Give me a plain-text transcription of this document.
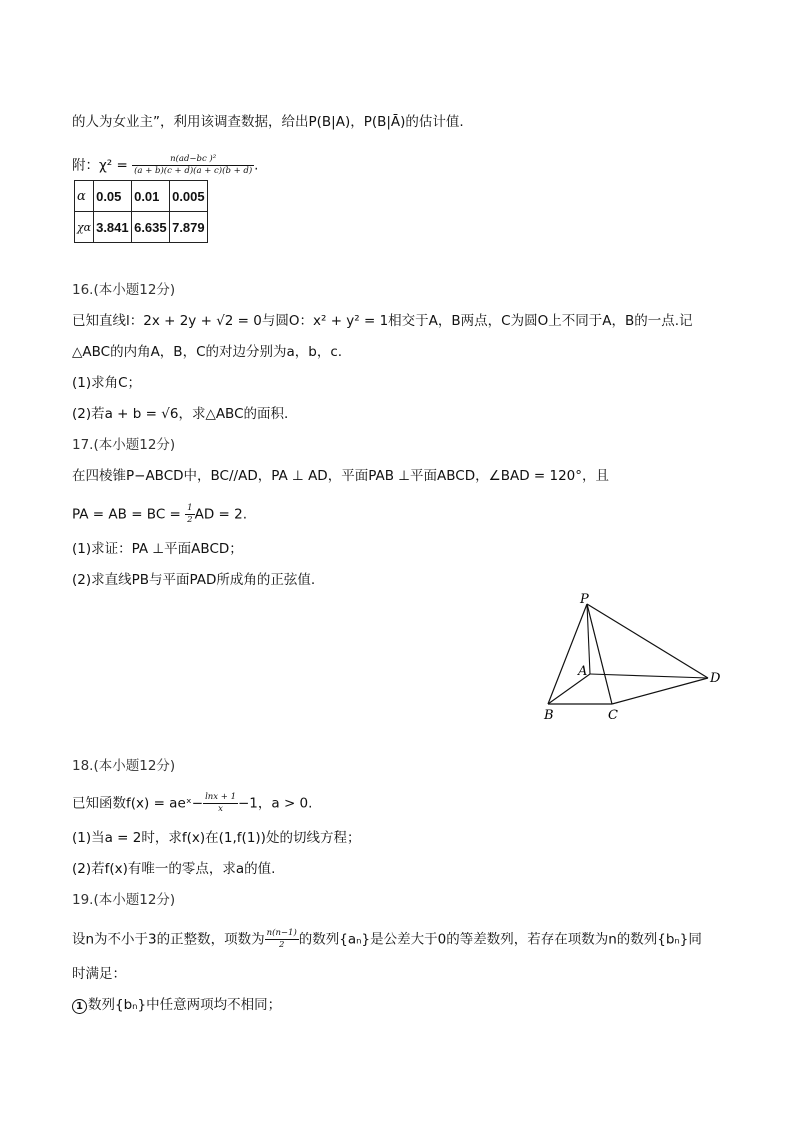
的人为女业主”，利用该调查数据，给出P(B|A)，P(B|Ā)的估计值.
附：$\chi^2 = \frac{\text{n(ad−bc )²}}{(a + b)(c + d)(a + c)(b + d)}$ .
α	0.05	0.01	0.005
χα	3.841	6.635	7.879
16.(本小题12分)
已知直线l：2x + 2y + √2 = 0与圆O：x² + y² = 1相交于A，B两点，C为圆O上不同于A，B的一点.记
△ABC的内角A，B，C的对边分别为a，b，c.
(1)求角C；
(2)若a + b = √6，求△ABC的面积.
17.(本小题12分)
在四棱锥P−ABCD中，BC//AD，PA ⊥ AD，平面PAB ⊥平面ABCD，∠BAD = 120°，且
PA = AB = BC = $\frac{1}{2}$ AD = 2.
(1)求证：PA ⊥平面ABCD；
(2)求直线PB与平面PAD所成角的正弦值.
P
A
B	C
D
18.(本小题12分)
已知函数f(x) = aeˣ− $\frac{\ln x + 1}{x} -1$，a > 0.
(1)当a = 2时，求f(x)在(1,f(1))处的切线方程；
(2)若f(x)有唯一的零点，求a的值.
19.(本小题12分)
设n为不小于3的正整数，项数为 $\frac{n(n-1)}{2}$ 的数列{aₙ}是公差大于0的等差数列，若存在项数为n的数列{bₙ}同
时满足：
1 数列{bₙ}中任意两项均不相同；
